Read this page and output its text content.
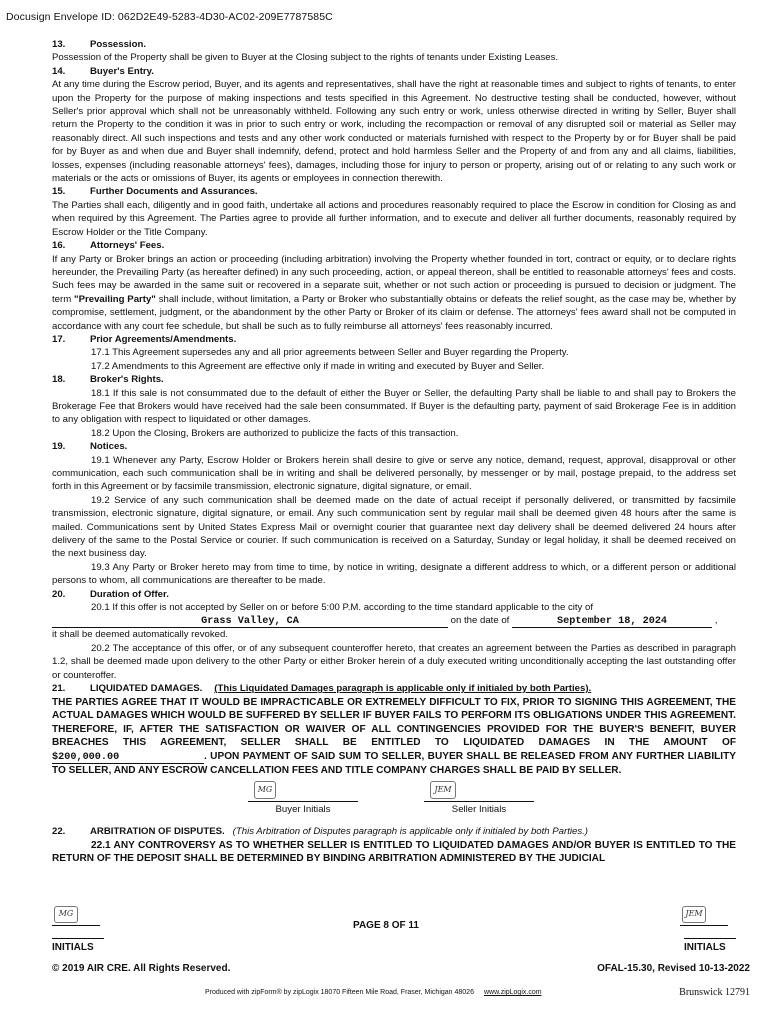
Docusign Envelope ID: 062D2E49-5283-4D30-AC02-209E7787585C
13.	Possession.

Possession of the Property shall be given to Buyer at the Closing subject to the rights of tenants under Existing Leases.

14.	Buyer's Entry.

At any time during the Escrow period, Buyer, and its agents and representatives, shall have the right at reasonable times and subject to rights of tenants, to enter upon the Property for the purpose of making inspections and tests specified in this Agreement. No destructive testing shall be conducted, however, without Seller's prior approval which shall not be unreasonably withheld. Following any such entry or work, unless otherwise directed in writing by Seller, Buyer shall return the Property to the condition it was in prior to such entry or work, including the recompaction or removal of any disrupted soil or material as Seller may reasonably direct. All such inspections and tests and any other work conducted or materials furnished with respect to the Property by or for Buyer shall be paid for by Buyer as and when due and Buyer shall indemnify, defend, protect and hold harmless Seller and the Property of and from any and all claims, liabilities, losses, expenses (including reasonable attorneys' fees), damages, including those for injury to person or property, arising out of or relating to any such work or materials or the acts or omissions of Buyer, its agents or employees in connection therewith.

15.	Further Documents and Assurances.

The Parties shall each, diligently and in good faith, undertake all actions and procedures reasonably required to place the Escrow in condition for Closing as and when required by this Agreement. The Parties agree to provide all further information, and to execute and deliver all further documents, reasonably required by Escrow Holder or the Title Company.

16.	Attorneys' Fees.

If any Party or Broker brings an action or proceeding (including arbitration) involving the Property whether founded in tort, contract or equity, or to declare rights hereunder, the Prevailing Party (as hereafter defined) in any such proceeding, action, or appeal thereon, shall be entitled to reasonable attorneys' fees and costs. Such fees may be awarded in the same suit or recovered in a separate suit, whether or not such action or proceeding is pursued to decision or judgment. The term "Prevailing Party" shall include, without limitation, a Party or Broker who substantially obtains or defeats the relief sought, as the case may be, whether by compromise, settlement, judgment, or the abandonment by the other Party or Broker of its claim or defense. The attorneys' fees award shall not be computed in accordance with any court fee schedule, but shall be such as to fully reimburse all attorneys' fees reasonably incurred.

17.	Prior Agreements/Amendments.

17.1 This Agreement supersedes any and all prior agreements between Seller and Buyer regarding the Property.

17.2 Amendments to this Agreement are effective only if made in writing and executed by Buyer and Seller.

18.	Broker's Rights.

18.1 If this sale is not consummated due to the default of either the Buyer or Seller, the defaulting Party shall be liable to and shall pay to Brokers the Brokerage Fee that Brokers would have received had the sale been consummated. If Buyer is the defaulting party, payment of said Brokerage Fee is in addition to any obligation with respect to liquidated or other damages.

18.2 Upon the Closing, Brokers are authorized to publicize the facts of this transaction.

19.	Notices.

19.1 Whenever any Party, Escrow Holder or Brokers herein shall desire to give or serve any notice, demand, request, approval, disapproval or other communication, each such communication shall be in writing and shall be delivered personally, by messenger or by mail, postage prepaid, to the address set forth in this Agreement or by facsimile transmission, electronic signature, digital signature, or email.

19.2 Service of any such communication shall be deemed made on the date of actual receipt if personally delivered, or transmitted by facsimile transmission, electronic signature, digital signature, or email. Any such communication sent by regular mail shall be deemed given 48 hours after the same is mailed. Communications sent by United States Express Mail or overnight courier that guarantee next day delivery shall be deemed delivered 24 hours after delivery of the same to the Postal Service or courier. If such communication is received on a Saturday, Sunday or legal holiday, it shall be deemed received on the next business day.

19.3 Any Party or Broker hereto may from time to time, by notice in writing, designate a different address to which, or a different person or additional persons to whom, all communications are thereafter to be made.

20.	Duration of Offer.

20.1 If this offer is not accepted by Seller on or before 5:00 P.M. according to the time standard applicable to the city of

Grass Valley, CA	on the date of	September 18, 2024	,

it shall be deemed automatically revoked.

20.2 The acceptance of this offer, or of any subsequent counteroffer hereto, that creates an agreement between the Parties as described in paragraph 1.2, shall be deemed made upon delivery to the other Party or either Broker herein of a duly executed writing unconditionally accepting the last outstanding offer or counteroffer.

21.	LIQUIDATED DAMAGES. (This Liquidated Damages paragraph is applicable only if initialed by both Parties).

THE PARTIES AGREE THAT IT WOULD BE IMPRACTICABLE OR EXTREMELY DIFFICULT TO FIX, PRIOR TO SIGNING THIS AGREEMENT, THE ACTUAL DAMAGES WHICH WOULD BE SUFFERED BY SELLER IF BUYER FAILS TO PERFORM ITS OBLIGATIONS UNDER THIS AGREEMENT. THEREFORE, IF, AFTER THE SATISFACTION OR WAIVER OF ALL CONTINGENCIES PROVIDED FOR THE BUYER'S BENEFIT, BUYER BREACHES THIS AGREEMENT, SELLER SHALL BE ENTITLED TO LIQUIDATED DAMAGES IN THE AMOUNT OF $200,000.00	. UPON PAYMENT OF SAID SUM TO SELLER, BUYER SHALL BE RELEASED FROM ANY FURTHER LIABILITY TO SELLER, AND ANY ESCROW CANCELLATION FEES AND TITLE COMPANY CHARGES SHALL BE PAID BY SELLER.

MG
Buyer Initials
JEM
Seller Initials
22.	ARBITRATION OF DISPUTES. (This Arbitration of Disputes paragraph is applicable only if initialed by both Parties.)

22.1 ANY CONTROVERSY AS TO WHETHER SELLER IS ENTITLED TO LIQUIDATED DAMAGES AND/OR BUYER IS ENTITLED TO THE RETURN OF THE DEPOSIT SHALL BE DETERMINED BY BINDING ARBITRATION ADMINISTERED BY THE JUDICIAL

MG	JEM
PAGE 8 OF 11
INITIALS	INITIALS
© 2019 AIR CRE. All Rights Reserved.	OFAL-15.30, Revised 10-13-2022
Produced with zipForm® by zipLogix 18070 Fifteen Mile Road, Fraser, Michigan 48026 www.zipLogix.com	Brunswick 12791
